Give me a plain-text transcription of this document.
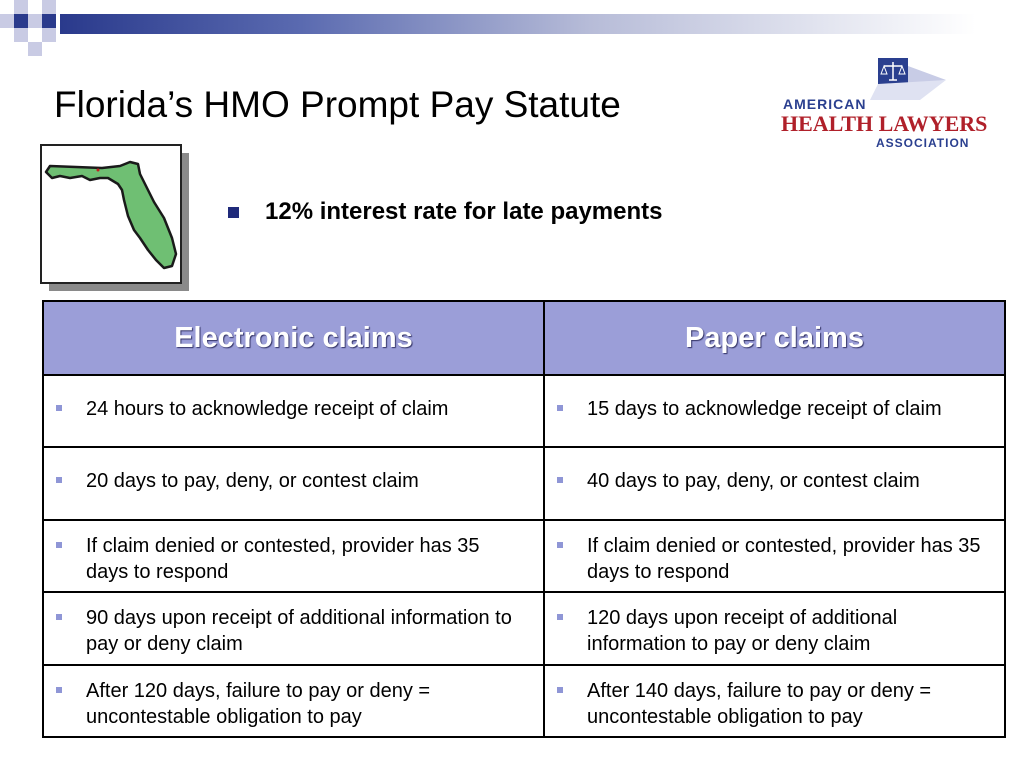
Florida’s HMO Prompt Pay Statute	AMERICAN
HEALTH LAWYERS
ASSOCIATION
12% interest rate for late payments
Electronic claims	Paper claims

24 hours to acknowledge receipt of claim	15 days to acknowledge receipt of claim

20 days to pay, deny, or contest claim	40 days to pay, deny, or contest claim

If claim denied or contested, provider has 35 days to respond	If claim denied or contested, provider has 35 days to respond

90 days upon receipt of additional information to pay or deny claim	120 days upon receipt of additional information to pay or deny claim

After 120 days, failure to pay or deny = uncontestable obligation to pay	After 140 days, failure to pay or deny = uncontestable obligation to pay
